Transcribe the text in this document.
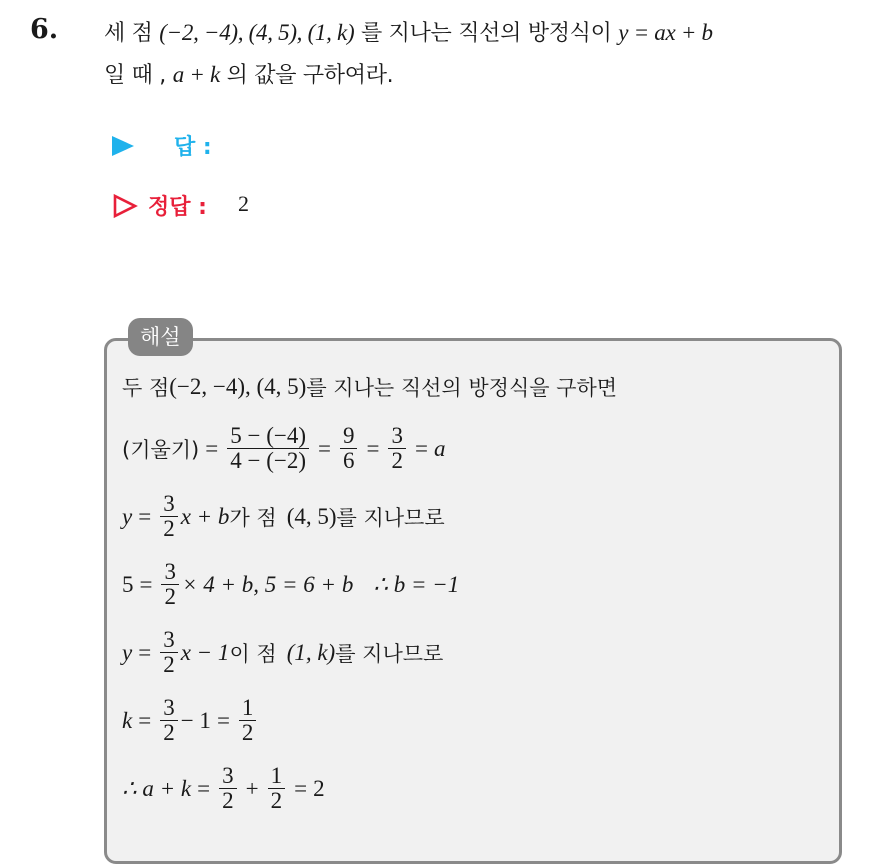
6. 세 점 (−2, −4), (4, 5), (1, k) 를 지나는 직선의 방정식이 y = ax + b
일 때 , a + k 의 값을 구하여라.
답 :
정답 : 2
해설
두 점 (−2, −4), (4, 5) 를 지나는 직선의 방정식을 구하면
(기울기) = $\frac{5 - (-4)}{4 - (-2)} = \frac{9}{6} = \frac{3}{2} = a$
$y = \frac{3}{2}$ x + b 가 점 (4, 5) 를 지나므로
$5 = \frac{3}{2} \times 4 + b$, 5 = 6 + b ∴ b = −1
$y = \frac{3}{2}$ x − 1 이 점 (1, k) 를 지나므로
$k = \frac{3}{2} - 1 = \frac{1}{2}$
∴ $a + k = \frac{3}{2} + \frac{1}{2} = 2$
